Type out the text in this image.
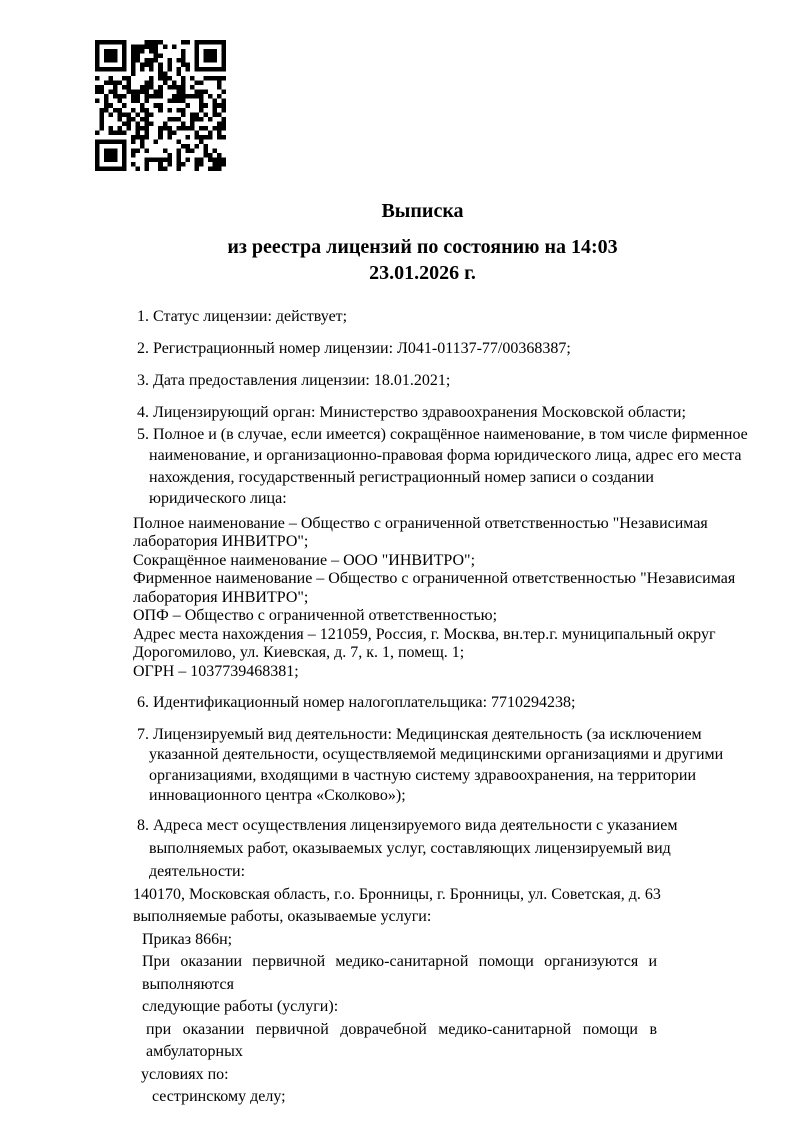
Выписка
из реестра лицензий по состоянию на 14:03 23.01.2026 г.
1. Статус лицензии: действует;
2. Регистрационный номер лицензии: Л041-01137-77/00368387;
3. Дата предоставления лицензии: 18.01.2021;
4. Лицензирующий орган: Министерство здравоохранения Московской области;
5. Полное и (в случае, если имеется) сокращённое наименование, в том числе фирменное
наименование, и организационно-правовая форма юридического лица, адрес его места
нахождения, государственный регистрационный номер записи о создании
юридического лица:
Полное наименование – Общество с ограниченной ответственностью "Независимая
лаборатория ИНВИТРО";
Сокращённое наименование – ООО "ИНВИТРО";
Фирменное наименование – Общество с ограниченной ответственностью "Независимая
лаборатория ИНВИТРО";
ОПФ – Общество с ограниченной ответственностью;
Адрес места нахождения – 121059, Россия, г. Москва, вн.тер.г. муниципальный округ
Дорогомилово, ул. Киевская, д. 7, к. 1, помещ. 1;
ОГРН – 1037739468381;
6. Идентификационный номер налогоплательщика: 7710294238;
7. Лицензируемый вид деятельности: Медицинская деятельность (за исключением
указанной деятельности, осуществляемой медицинскими организациями и другими
организациями, входящими в частную систему здравоохранения, на территории
инновационного центра «Сколково»);
8. Адреса мест осуществления лицензируемого вида деятельности с указанием
выполняемых работ, оказываемых услуг, составляющих лицензируемый вид
деятельности:
140170, Московская область, г.о. Бронницы, г. Бронницы, ул. Советская, д. 63
выполняемые работы, оказываемые услуги:
Приказ 866н;
При оказании первичной медико-санитарной помощи организуются и выполняются
следующие работы (услуги):
при оказании первичной доврачебной медико-санитарной помощи в амбулаторных
условиях по:
сестринскому делу;
